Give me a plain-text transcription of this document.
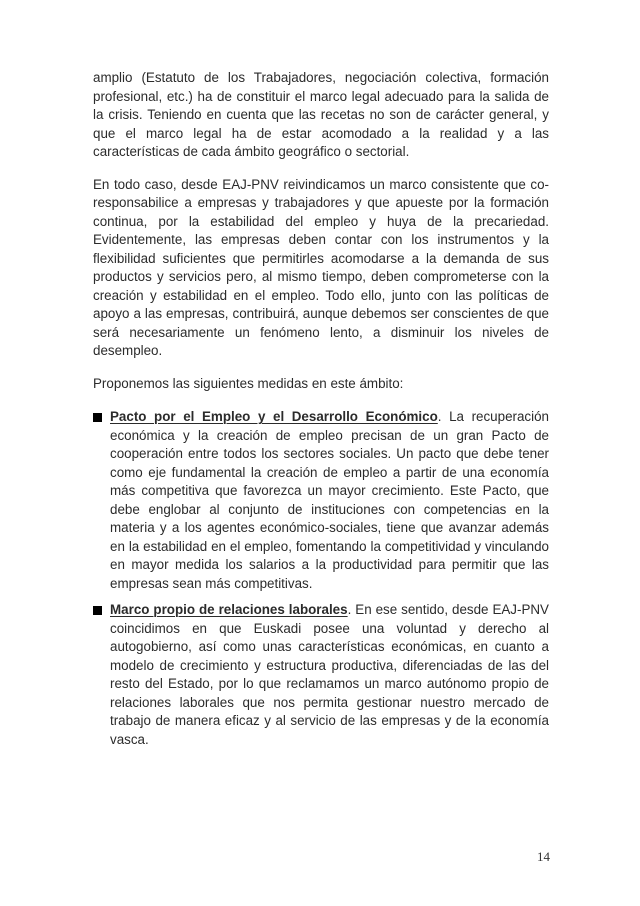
amplio (Estatuto de los Trabajadores, negociación colectiva, formación profesional, etc.) ha de constituir el marco legal adecuado para la salida de la crisis. Teniendo en cuenta que las recetas no son de carácter general, y que el marco legal ha de estar acomodado a la realidad y a las características de cada ámbito geográfico o sectorial.

En todo caso, desde EAJ-PNV reivindicamos un marco consistente que co-responsabilice a empresas y trabajadores y que apueste por la formación continua, por la estabilidad del empleo y huya de la precariedad. Evidentemente, las empresas deben contar con los instrumentos y la flexibilidad suficientes que permitirles acomodarse a la demanda de sus productos y servicios pero, al mismo tiempo, deben comprometerse con la creación y estabilidad en el empleo. Todo ello, junto con las políticas de apoyo a las empresas, contribuirá, aunque debemos ser conscientes de que será necesariamente un fenómeno lento, a disminuir los niveles de desempleo.

Proponemos las siguientes medidas en este ámbito:

Pacto por el Empleo y el Desarrollo Económico. La recuperación económica y la creación de empleo precisan de un gran Pacto de cooperación entre todos los sectores sociales. Un pacto que debe tener como eje fundamental la creación de empleo a partir de una economía más competitiva que favorezca un mayor crecimiento. Este Pacto, que debe englobar al conjunto de instituciones con competencias en la materia y a los agentes económico-sociales, tiene que avanzar además en la estabilidad en el empleo, fomentando la competitividad y vinculando en mayor medida los salarios a la productividad para permitir que las empresas sean más competitivas.
Marco propio de relaciones laborales. En ese sentido, desde EAJ-PNV coincidimos en que Euskadi posee una voluntad y derecho al autogobierno, así como unas características económicas, en cuanto a modelo de crecimiento y estructura productiva, diferenciadas de las del resto del Estado, por lo que reclamamos un marco autónomo propio de relaciones laborales que nos permita gestionar nuestro mercado de trabajo de manera eficaz y al servicio de las empresas y de la economía vasca.
14
